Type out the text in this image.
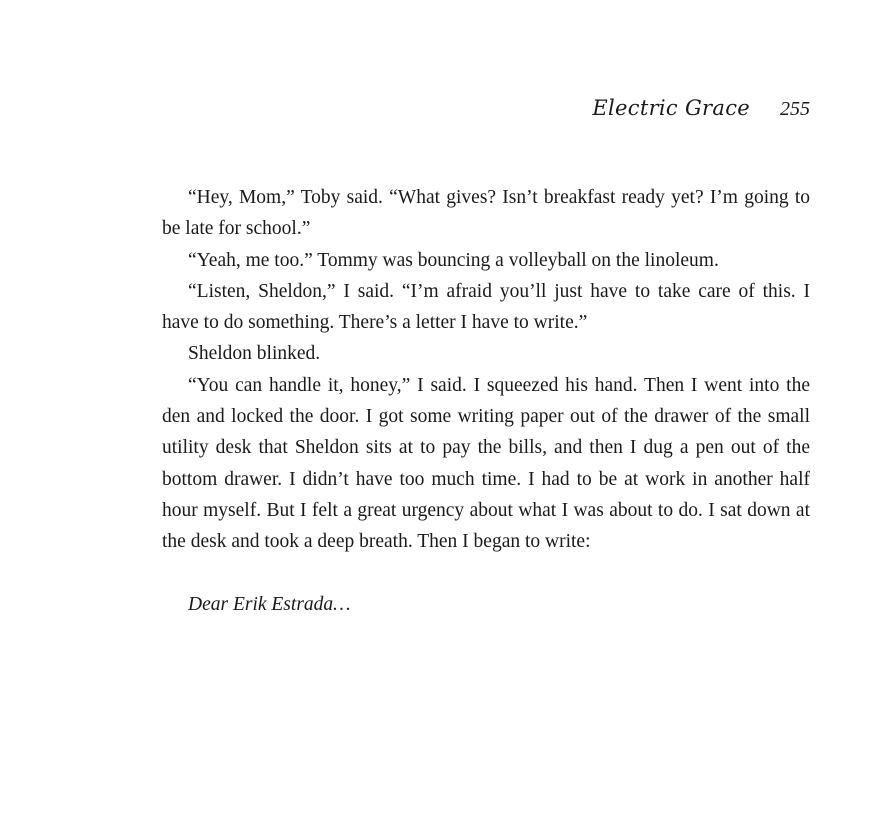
Electric Grace 255

“Hey, Mom,” Toby said. “What gives? Isn’t breakfast ready yet? I’m going to be late for school.”

“Yeah, me too.” Tommy was bouncing a volleyball on the linoleum.

“Listen, Sheldon,” I said. “I’m afraid you’ll just have to take care of this. I have to do something. There’s a letter I have to write.”

Sheldon blinked.

“You can handle it, honey,” I said. I squeezed his hand. Then I went into the den and locked the door. I got some writing paper out of the drawer of the small utility desk that Sheldon sits at to pay the bills, and then I dug a pen out of the bottom drawer. I didn’t have too much time. I had to be at work in another half hour myself. But I felt a great urgency about what I was about to do. I sat down at the desk and took a deep breath. Then I began to write:

Dear Erik Estrada…
